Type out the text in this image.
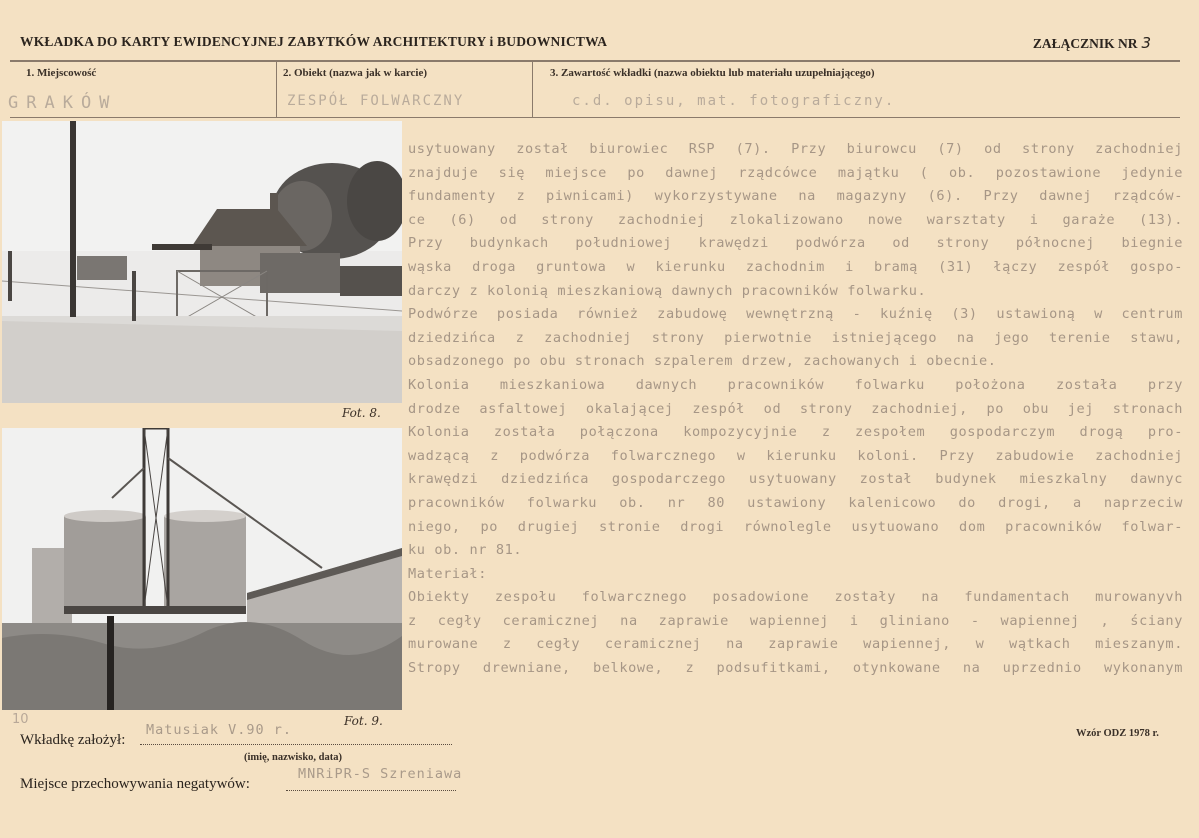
WKŁADKA DO KARTY EWIDENCYJNEJ ZABYTKÓW ARCHITEKTURY i BUDOWNICTWA	ZAŁĄCZNIK NR 3
1. Miejscowość
GRAKÓW
2. Obiekt (nazwa jak w karcie)
ZESPÓŁ FOLWARCZNY
3. Zawartość wkładki (nazwa obiektu lub materiału uzupełniającego)
c.d. opisu, mat. fotograficzny.
Fot. 8.
Fot. 9.
usytuowany został biurowiec RSP (7). Przy biurowcu (7) od strony zachodniej
znajduje się miejsce po dawnej rządcówce majątku ( ob. pozostawione jedynie
fundamenty z piwnicami) wykorzystywane na magazyny (6). Przy dawnej rządców-
ce (6) od strony zachodniej zlokalizowano nowe warsztaty i garaże (13).
Przy budynkach południowej krawędzi podwórza od strony północnej biegnie
wąska droga gruntowa w kierunku zachodnim i bramą (31) łączy zespół gospo-
darczy z kolonią mieszkaniową dawnych pracowników folwarku.
Podwórze posiada również zabudowę wewnętrzną - kuźnię (3) ustawioną w centrum
dziedzińca z zachodniej strony pierwotnie istniejącego na jego terenie stawu,
obsadzonego po obu stronach szpalerem drzew, zachowanych i obecnie.
Kolonia mieszkaniowa dawnych pracowników folwarku położona została przy
drodze asfaltowej okalającej zespół od strony zachodniej, po obu jej stronach
Kolonia została połączona kompozycyjnie z zespołem gospodarczym drogą pro-
wadzącą z podwórza folwarcznego w kierunku koloni. Przy zabudowie zachodniej
krawędzi dziedzińca gospodarczego usytuowany został budynek mieszkalny dawnyc
pracowników folwarku ob. nr 80 ustawiony kalenicowo do drogi, a naprzeciw
niego, po drugiej stronie drogi równolegle usytuowano dom pracowników folwar-
ku ob. nr 81.
Materiał:
Obiekty zespołu folwarcznego posadowione zostały na fundamentach murowanyvh
z cegły ceramicznej na zaprawie wapiennej i gliniano - wapiennej , ściany
murowane z cegły ceramicznej na zaprawie wapiennej, w wątkach mieszanym.
Stropy drewniane, belkowe, z podsufitkami, otynkowane na uprzednio wykonanym
10
Wkładkę założył:
Matusiak V.90 r.
(imię, nazwisko, data)
Miejsce przechowywania negatywów:
MNRiPR-S Szreniawa
Wzór ODZ 1978 r.
